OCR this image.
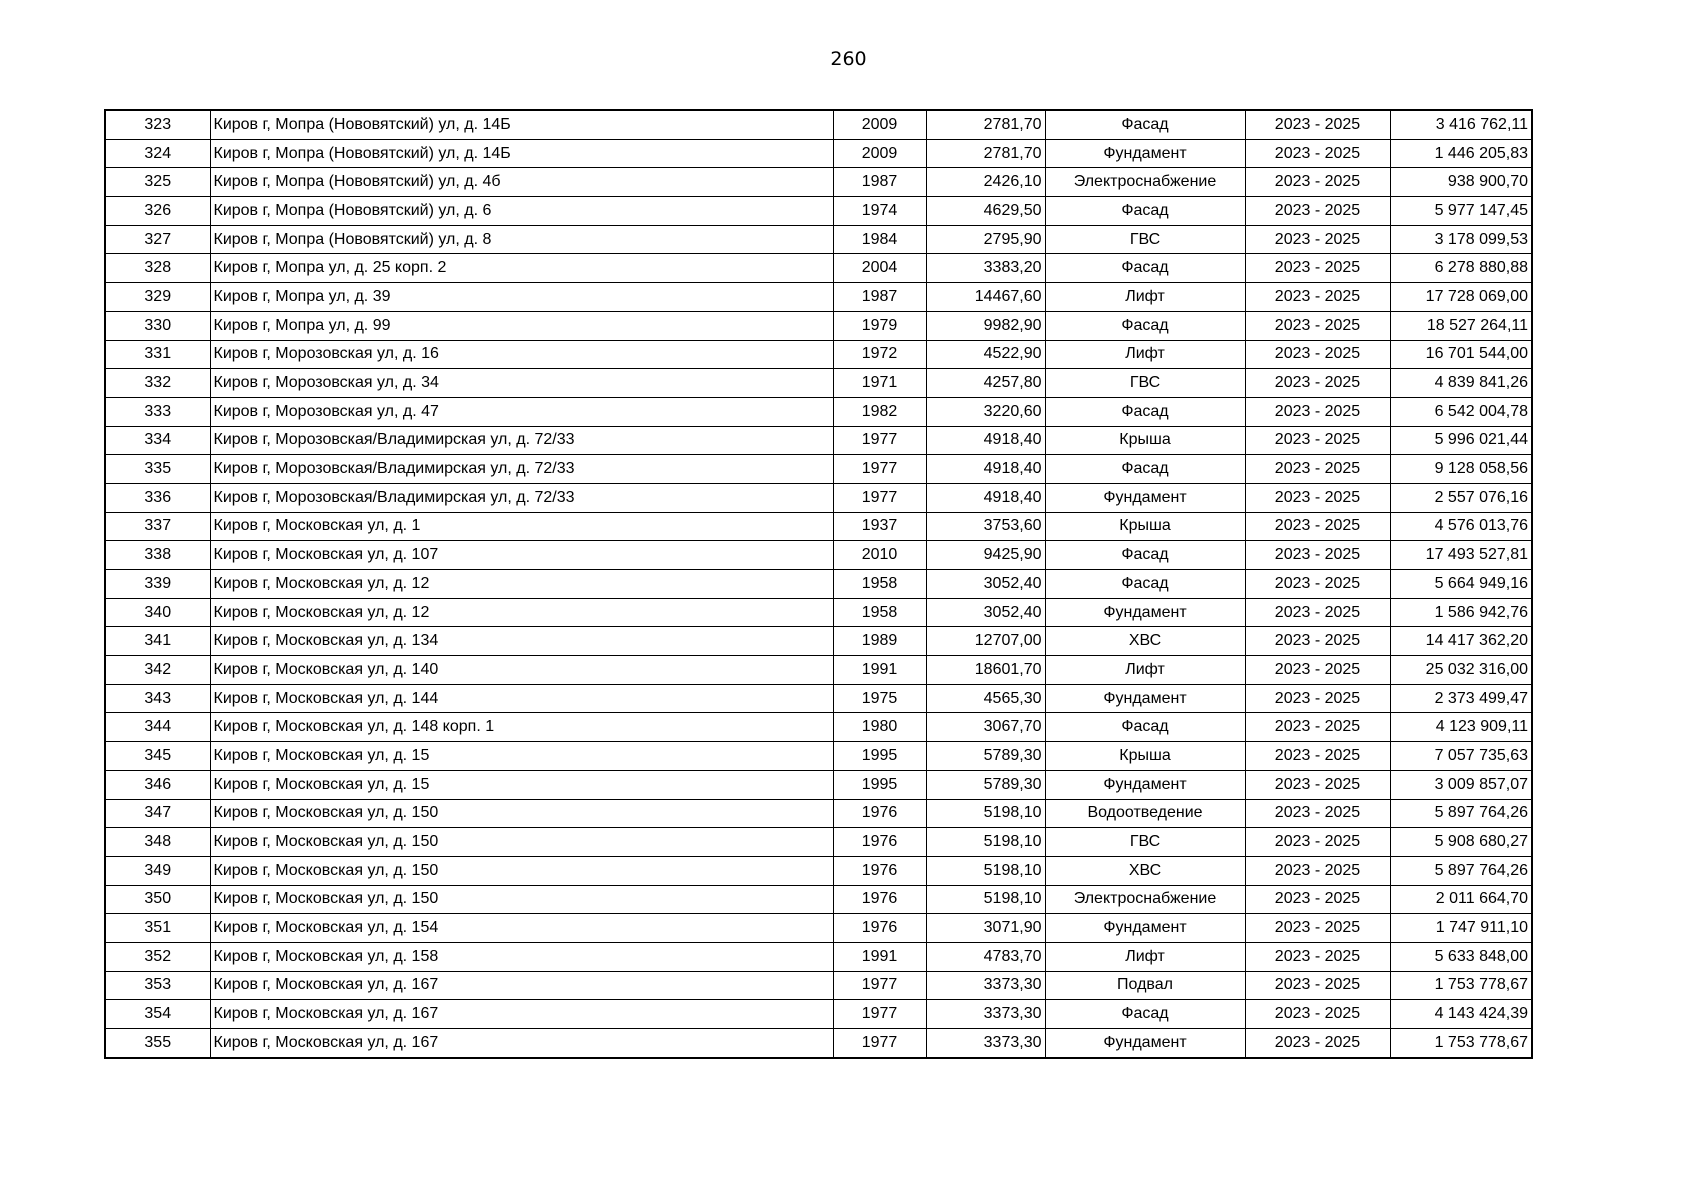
260
323	Киров г, Мопра (Нововятский) ул, д. 14Б	2009	2781,70	Фасад	2023 - 2025	3 416 762,11
324	Киров г, Мопра (Нововятский) ул, д. 14Б	2009	2781,70	Фундамент	2023 - 2025	1 446 205,83
325	Киров г, Мопра (Нововятский) ул, д. 4б	1987	2426,10	Электроснабжение	2023 - 2025	938 900,70
326	Киров г, Мопра (Нововятский) ул, д. 6	1974	4629,50	Фасад	2023 - 2025	5 977 147,45
327	Киров г, Мопра (Нововятский) ул, д. 8	1984	2795,90	ГВС	2023 - 2025	3 178 099,53
328	Киров г, Мопра ул, д. 25 корп. 2	2004	3383,20	Фасад	2023 - 2025	6 278 880,88
329	Киров г, Мопра ул, д. 39	1987	14467,60	Лифт	2023 - 2025	17 728 069,00
330	Киров г, Мопра ул, д. 99	1979	9982,90	Фасад	2023 - 2025	18 527 264,11
331	Киров г, Морозовская ул, д. 16	1972	4522,90	Лифт	2023 - 2025	16 701 544,00
332	Киров г, Морозовская ул, д. 34	1971	4257,80	ГВС	2023 - 2025	4 839 841,26
333	Киров г, Морозовская ул, д. 47	1982	3220,60	Фасад	2023 - 2025	6 542 004,78
334	Киров г, Морозовская/Владимирская ул, д. 72/33	1977	4918,40	Крыша	2023 - 2025	5 996 021,44
335	Киров г, Морозовская/Владимирская ул, д. 72/33	1977	4918,40	Фасад	2023 - 2025	9 128 058,56
336	Киров г, Морозовская/Владимирская ул, д. 72/33	1977	4918,40	Фундамент	2023 - 2025	2 557 076,16
337	Киров г, Московская ул, д. 1	1937	3753,60	Крыша	2023 - 2025	4 576 013,76
338	Киров г, Московская ул, д. 107	2010	9425,90	Фасад	2023 - 2025	17 493 527,81
339	Киров г, Московская ул, д. 12	1958	3052,40	Фасад	2023 - 2025	5 664 949,16
340	Киров г, Московская ул, д. 12	1958	3052,40	Фундамент	2023 - 2025	1 586 942,76
341	Киров г, Московская ул, д. 134	1989	12707,00	ХВС	2023 - 2025	14 417 362,20
342	Киров г, Московская ул, д. 140	1991	18601,70	Лифт	2023 - 2025	25 032 316,00
343	Киров г, Московская ул, д. 144	1975	4565,30	Фундамент	2023 - 2025	2 373 499,47
344	Киров г, Московская ул, д. 148 корп. 1	1980	3067,70	Фасад	2023 - 2025	4 123 909,11
345	Киров г, Московская ул, д. 15	1995	5789,30	Крыша	2023 - 2025	7 057 735,63
346	Киров г, Московская ул, д. 15	1995	5789,30	Фундамент	2023 - 2025	3 009 857,07
347	Киров г, Московская ул, д. 150	1976	5198,10	Водоотведение	2023 - 2025	5 897 764,26
348	Киров г, Московская ул, д. 150	1976	5198,10	ГВС	2023 - 2025	5 908 680,27
349	Киров г, Московская ул, д. 150	1976	5198,10	ХВС	2023 - 2025	5 897 764,26
350	Киров г, Московская ул, д. 150	1976	5198,10	Электроснабжение	2023 - 2025	2 011 664,70
351	Киров г, Московская ул, д. 154	1976	3071,90	Фундамент	2023 - 2025	1 747 911,10
352	Киров г, Московская ул, д. 158	1991	4783,70	Лифт	2023 - 2025	5 633 848,00
353	Киров г, Московская ул, д. 167	1977	3373,30	Подвал	2023 - 2025	1 753 778,67
354	Киров г, Московская ул, д. 167	1977	3373,30	Фасад	2023 - 2025	4 143 424,39
355	Киров г, Московская ул, д. 167	1977	3373,30	Фундамент	2023 - 2025	1 753 778,67
